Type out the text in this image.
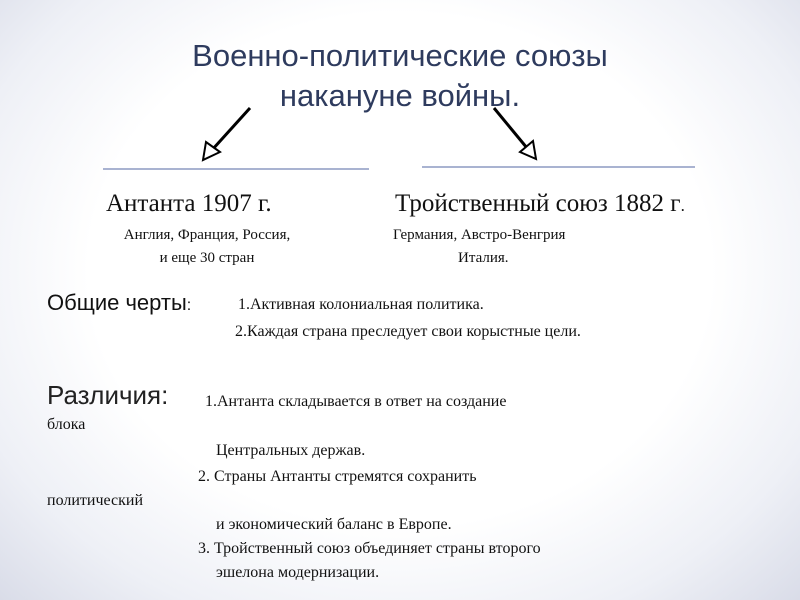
Военно-политические союзы
накануне войны.
Антанта 1907 г.
Англия, Франция, Россия,
и еще 30 стран
Тройственный союз 1882 г.
Германия, Австро-Венгрия
Италия.
Общие черты:	1.Активная колониальная политика.
2.Каждая страна преследует свои корыстные цели.
Различия: 1.Антанта складывается в ответ на создание
блока
Центральных держав.
2. Страны Антанты стремятся сохранить
политический
и экономический баланс в Европе.
3. Тройственный союз объединяет страны второго
эшелона модернизации.
